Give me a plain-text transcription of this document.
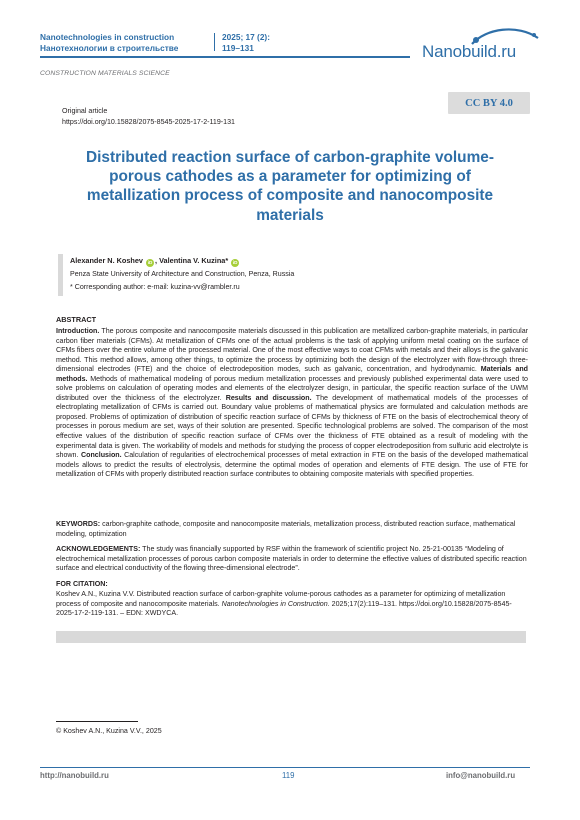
Nanotechnologies in construction
Нанотехнологии в строительстве
2025; 17 (2):
119–131	Nanobuild.ru
CONSTRUCTION MATERIALS SCIENCE
Original article
https://doi.org/10.15828/2075-8545-2025-17-2-119-131
CC BY 4.0
Distributed reaction surface of carbon-graphite volume-porous cathodes as a parameter for optimizing of metallization process of composite and nanocomposite materials
Alexander N. Koshev iD , Valentina V. Kuzina* iD
Penza State University of Architecture and Construction, Penza, Russia
* Corresponding author: e-mail: kuzina-vv@rambler.ru
ABSTRACT
Introduction. The porous composite and nanocomposite materials discussed in this publication are metallized carbon-graphite materials, in particular carbon fiber materials (CFMs). At metallization of CFMs one of the actual problems is the task of applying uniform metal coating on the surface of CFMs fibers over the entire volume of the processed material. One of the most effective ways to coat CFMs with metals and their alloys is the galvanic method. This method allows, among other things, to optimize the process by optimizing both the design of the electrolyzer with flow-through three-dimensional electrodes (FTE) and the choice of electrodeposition modes, such as galvanic, concentration, and hydrodynamic. Materials and methods. Methods of mathematical modeling of porous medium metallization processes and previously published experimental data were used to solve problems on calculation of operating modes and elements of the electrolyzer design, in particular, the specific reaction surface of the UWM distributed over the thickness of the electrolyzer. Results and discussion. The development of mathematical models of the processes of electroplating metallization of CFMs is carried out. Boundary value problems of mathematical physics are formulated and calculation methods are proposed. Problems of optimization of distribution of specific reaction surface of CFMs by thickness of FTE on the basis of electrochemical theory of processes in porous medium are set, ways of their solution are presented. Specific technological problems are solved. The comparison of the most effective values of the distribution of specific reaction surface of CFMs over the thickness of FTE obtained as a result of modeling with the experimental data is given. The workability of models and methods for studying the process of copper electrodeposition from sulfuric acid electrolyte is shown. Conclusion. Calculation of regularities of electrochemical processes of metal extraction in FTE on the basis of the developed mathematical models allows to predict the results of electrolysis, determine the optimal modes of operation and elements of FTE design. The use of FTE for metallization of CFMs with properly distributed reaction surface contributes to obtaining composite materials with specified properties.
KEYWORDS: carbon-graphite cathode, composite and nanocomposite materials, metallization process, distributed reaction surface, mathematical modeling, optimization
ACKNOWLEDGEMENTS: The study was financially supported by RSF within the framework of scientific project No. 25-21-00135 “Modeling of electrochemical metallization processes of porous carbon composite materials in order to determine the effective values of distributed specific reaction surface and electrical conductivity of the flowing three-dimensional electrode”.
FOR CITATION:
Koshev A.N., Kuzina V.V. Distributed reaction surface of carbon-graphite volume-porous cathodes as a parameter for optimizing of metallization process of composite and nanocomposite materials. Nanotechnologies in Construction. 2025;17(2):119–131. https://doi.org/10.15828/2075-8545-2025-17-2-119-131. – EDN: XWDYCA.
© Koshev A.N., Kuzina V.V., 2025
http://nanobuild.ru	119	info@nanobuild.ru
